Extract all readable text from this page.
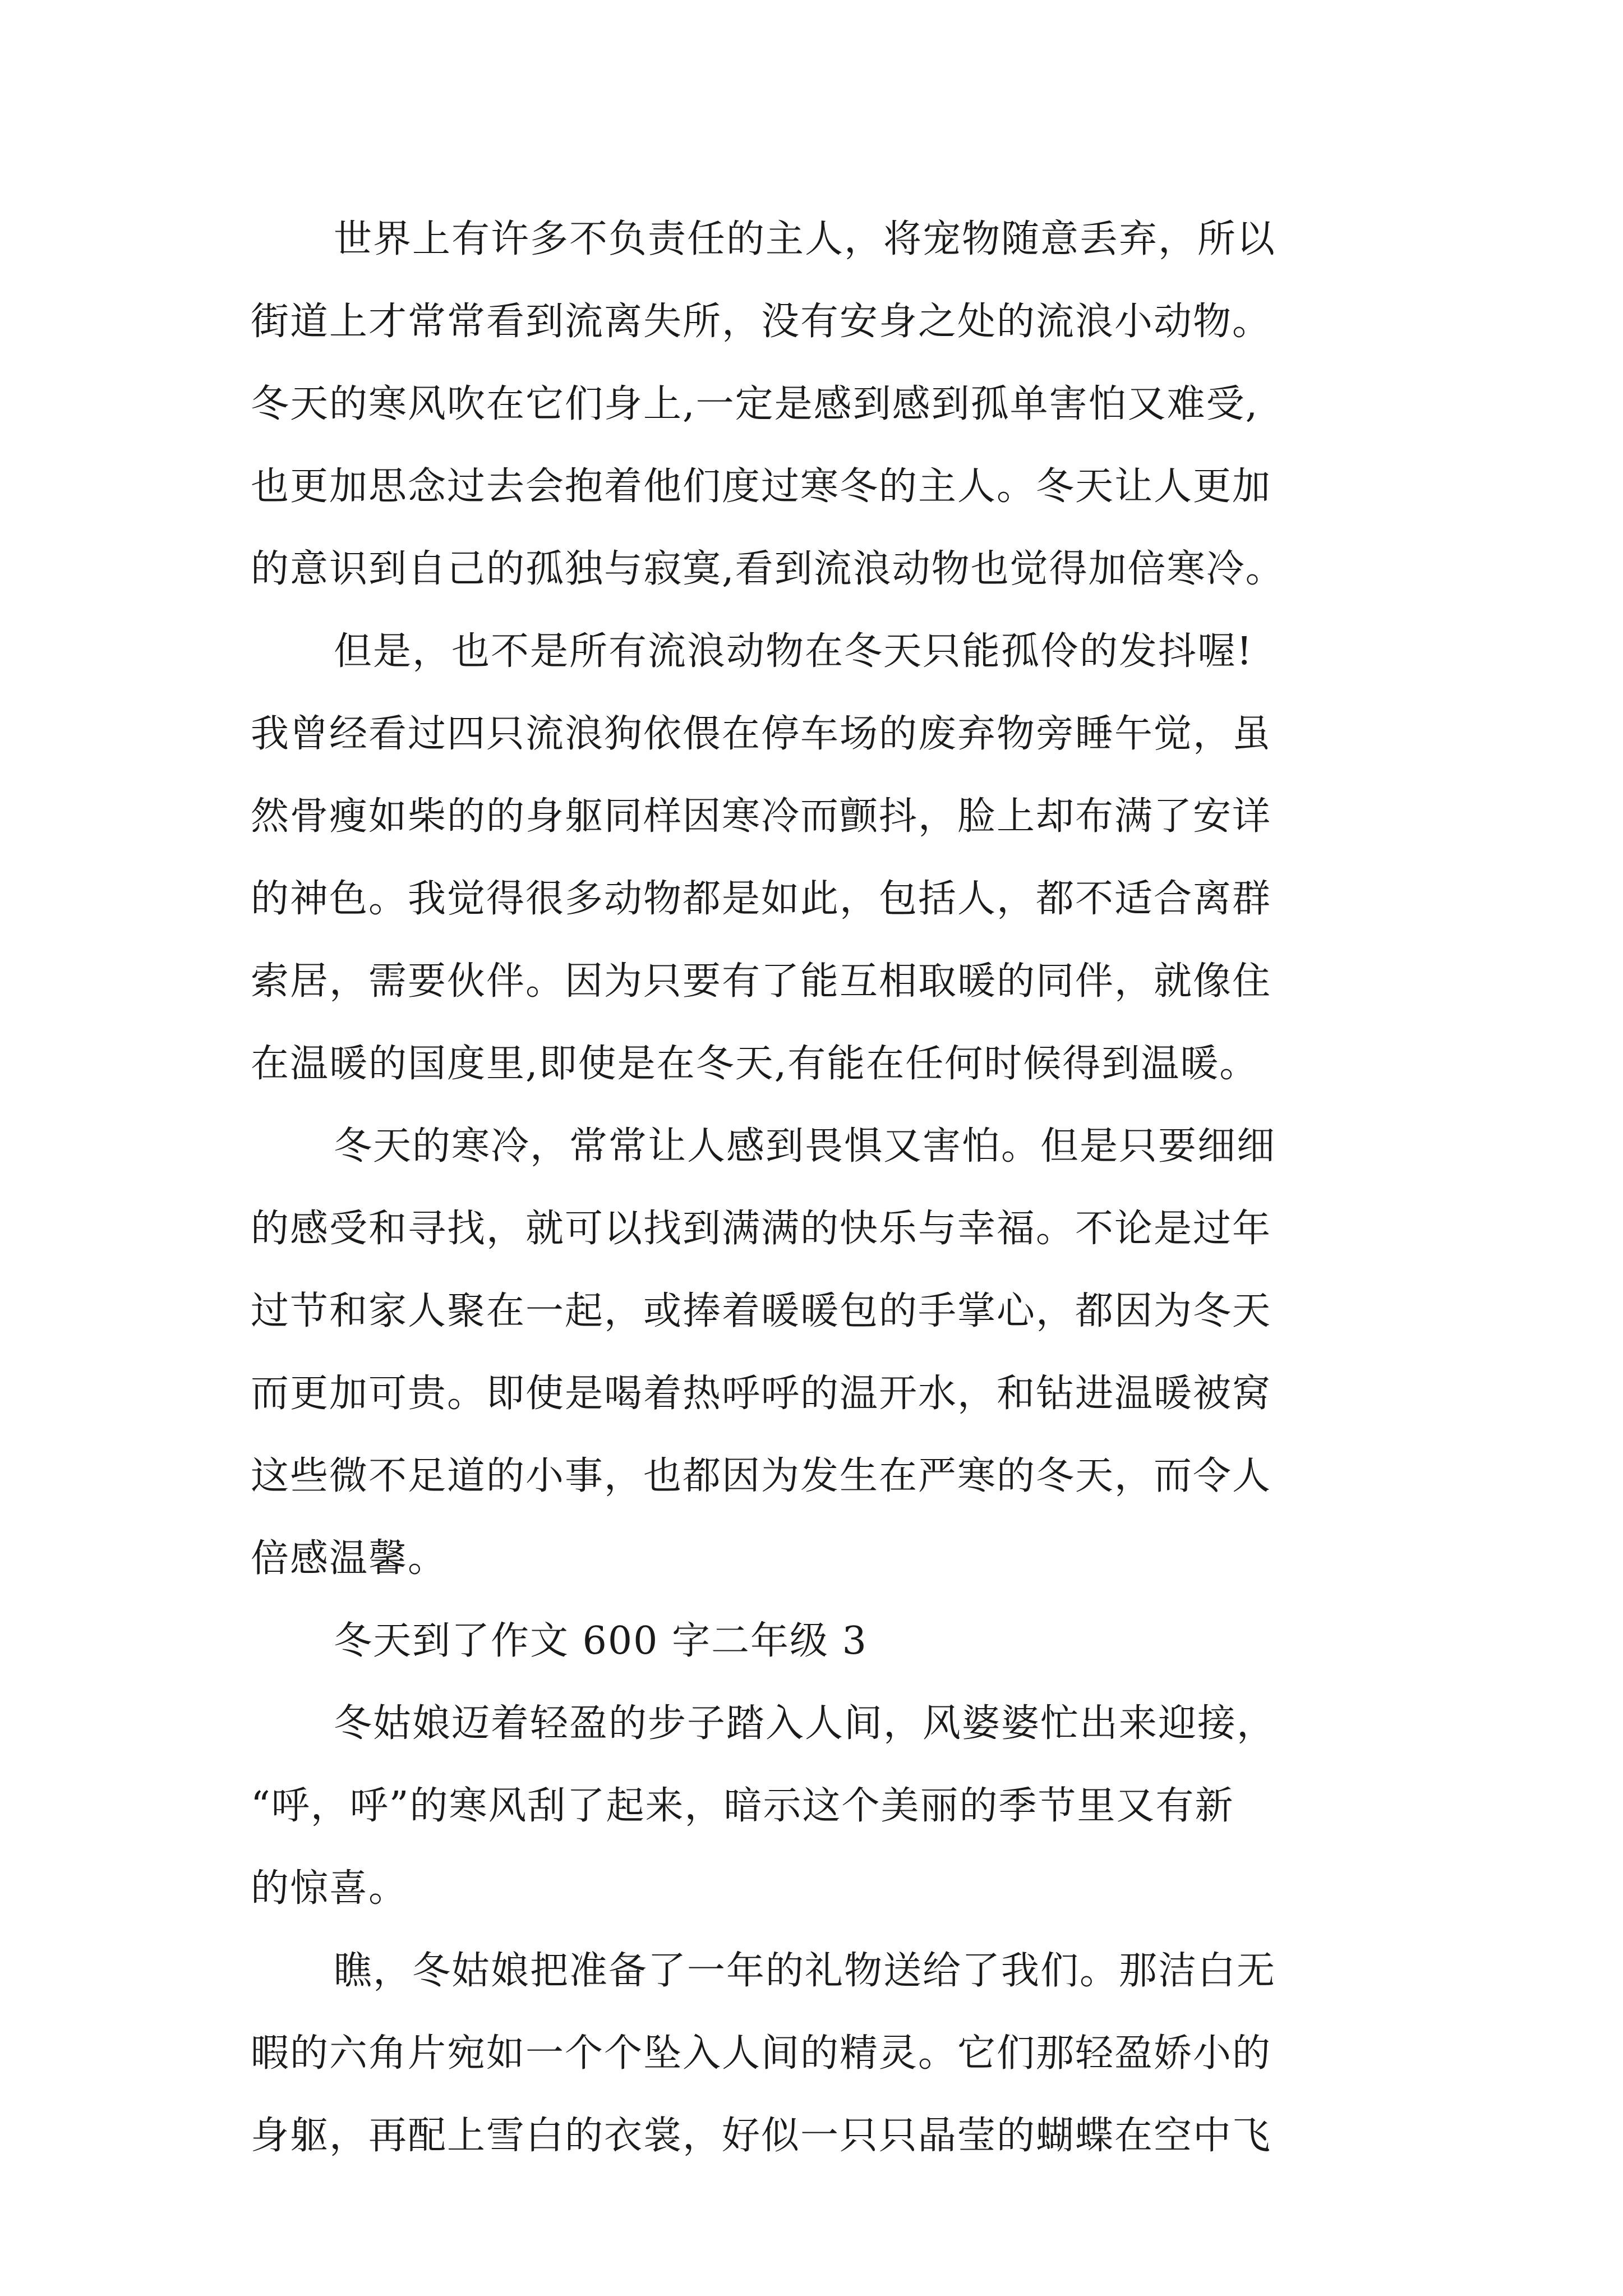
世界上有许多不负责任的主人，将宠物随意丢弃，所以
街道上才常常看到流离失所，没有安身之处的流浪小动物。
冬天的寒风吹在它们身上,一定是感到感到孤单害怕又难受,
也更加思念过去会抱着他们度过寒冬的主人。冬天让人更加
的意识到自己的孤独与寂寞,看到流浪动物也觉得加倍寒冷。
但是，也不是所有流浪动物在冬天只能孤伶的发抖喔!
我曾经看过四只流浪狗依偎在停车场的废弃物旁睡午觉，虽
然骨瘦如柴的的身躯同样因寒冷而颤抖，脸上却布满了安详
的神色。我觉得很多动物都是如此，包括人，都不适合离群
索居，需要伙伴。因为只要有了能互相取暖的同伴，就像住
在温暖的国度里,即使是在冬天,有能在任何时候得到温暖。
冬天的寒冷，常常让人感到畏惧又害怕。但是只要细细
的感受和寻找，就可以找到满满的快乐与幸福。不论是过年
过节和家人聚在一起，或捧着暖暖包的手掌心，都因为冬天
而更加可贵。即使是喝着热呼呼的温开水，和钻进温暖被窝
这些微不足道的小事，也都因为发生在严寒的冬天，而令人
倍感温馨。
冬天到了作文 600 字二年级 3
冬姑娘迈着轻盈的步子踏入人间，风婆婆忙出来迎接，
“呼，呼”的寒风刮了起来，暗示这个美丽的季节里又有新
的惊喜。
瞧，冬姑娘把准备了一年的礼物送给了我们。那洁白无
暇的六角片宛如一个个坠入人间的精灵。它们那轻盈娇小的
身躯，再配上雪白的衣裳，好似一只只晶莹的蝴蝶在空中飞
